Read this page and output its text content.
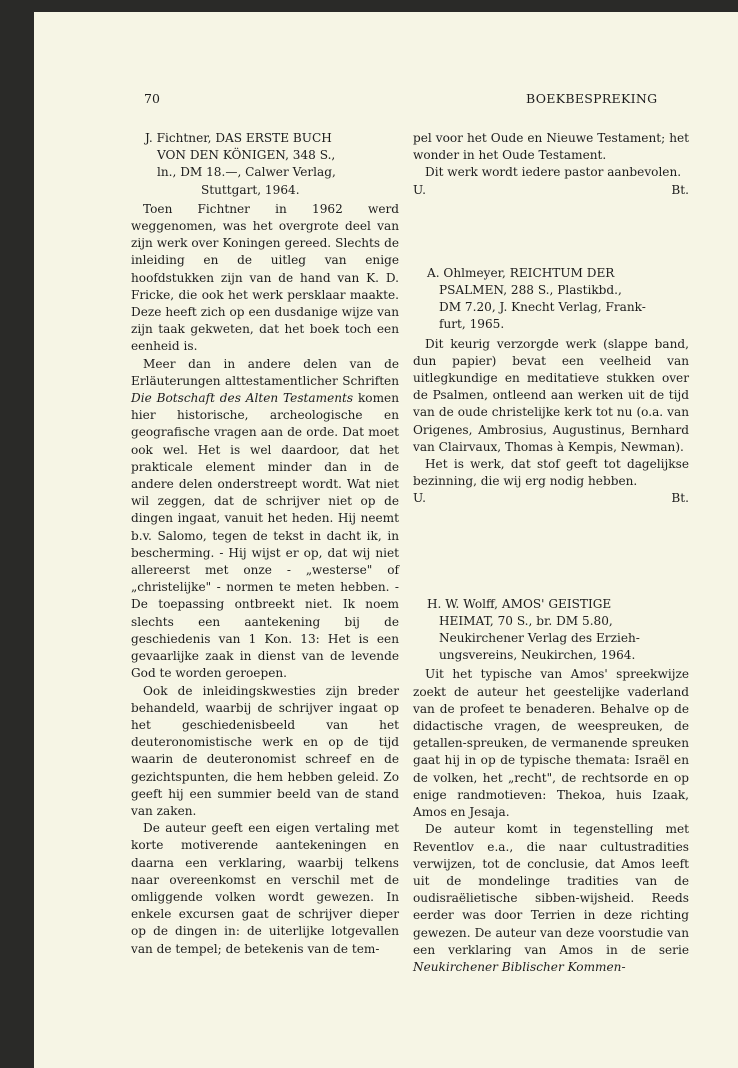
70	BOEKBESPREKING
J. Fichtner, DAS ERSTE BUCH
VON DEN KÖNIGEN, 348 S.,
ln., DM 18.—, Calwer Verlag,
Stuttgart, 1964.

Toen Fichtner in 1962 werd weggenomen, was het overgrote deel van zijn werk over Koningen gereed. Slechts de inleiding en de uitleg van enige hoofdstukken zijn van de hand van K. D. Fricke, die ook het werk persklaar maakte. Deze heeft zich op een dusdanige wijze van zijn taak gekweten, dat het boek toch een eenheid is.

Meer dan in andere delen van de Erläuterungen alttestamentlicher Schriften Die Botschaft des Alten Testaments komen hier historische, archeologische en geografische vragen aan de orde. Dat moet ook wel. Het is wel daardoor, dat het prakticale element minder dan in de andere delen onderstreept wordt. Wat niet wil zeggen, dat de schrijver niet op de dingen ingaat, vanuit het heden. Hij neemt b.v. Salomo, tegen de tekst in dacht ik, in bescherming. - Hij wijst er op, dat wij niet allereerst met onze - „westerse" of „christelijke" - normen te meten hebben. - De toepassing ontbreekt niet. Ik noem slechts een aantekening bij de geschiedenis van 1 Kon. 13: Het is een gevaarlijke zaak in dienst van de levende God te worden geroepen.

Ook de inleidingskwesties zijn breder behandeld, waarbij de schrijver ingaat op het geschiedenisbeeld van het deuteronomistische werk en op de tijd waarin de deuteronomist schreef en de gezichtspunten, die hem hebben geleid. Zo geeft hij een summier beeld van de stand van zaken.

De auteur geeft een eigen vertaling met korte motiverende aantekeningen en daarna een verklaring, waarbij telkens naar overeenkomst en verschil met de omliggende volken wordt gewezen. In enkele excursen gaat de schrijver dieper op de dingen in: de uiterlijke lotgevallen van de tempel; de betekenis van de tem-

pel voor het Oude en Nieuwe Testament; het wonder in het Oude Testament.

Dit werk wordt iedere pastor aanbevolen.

U.	Bt.
A. Ohlmeyer, REICHTUM DER
PSALMEN, 288 S., Plastikbd.,
DM 7.20, J. Knecht Verlag, Frank-
furt, 1965.

Dit keurig verzorgde werk (slappe band, dun papier) bevat een veelheid van uitlegkundige en meditatieve stukken over de Psalmen, ontleend aan werken uit de tijd van de oude christelijke kerk tot nu (o.a. van Origenes, Ambrosius, Augustinus, Bernhard van Clairvaux, Thomas à Kempis, Newman).

Het is werk, dat stof geeft tot dagelijkse bezinning, die wij erg nodig hebben.

U.	Bt.
H. W. Wolff, AMOS' GEISTIGE
HEIMAT, 70 S., br. DM 5.80,
Neukirchener Verlag des Erzieh-
ungsvereins, Neukirchen, 1964.

Uit het typische van Amos' spreekwijze zoekt de auteur het geestelijke vaderland van de profeet te benaderen. Behalve op de didactische vragen, de weespreuken, de getallen-spreuken, de vermanende spreuken gaat hij in op de typische themata: Israël en de volken, het „recht", de rechtsorde en op enige randmotieven: Thekoa, huis Izaak, Amos en Jesaja.

De auteur komt in tegenstelling met Reventlov e.a., die naar cultustradities verwijzen, tot de conclusie, dat Amos leeft uit de mondelinge tradities van de oudisraëlietische sibben-wijsheid. Reeds eerder was door Terrien in deze richting gewezen. De auteur van deze voorstudie van een verklaring van Amos in de serie Neukirchener Biblischer Kommen-
